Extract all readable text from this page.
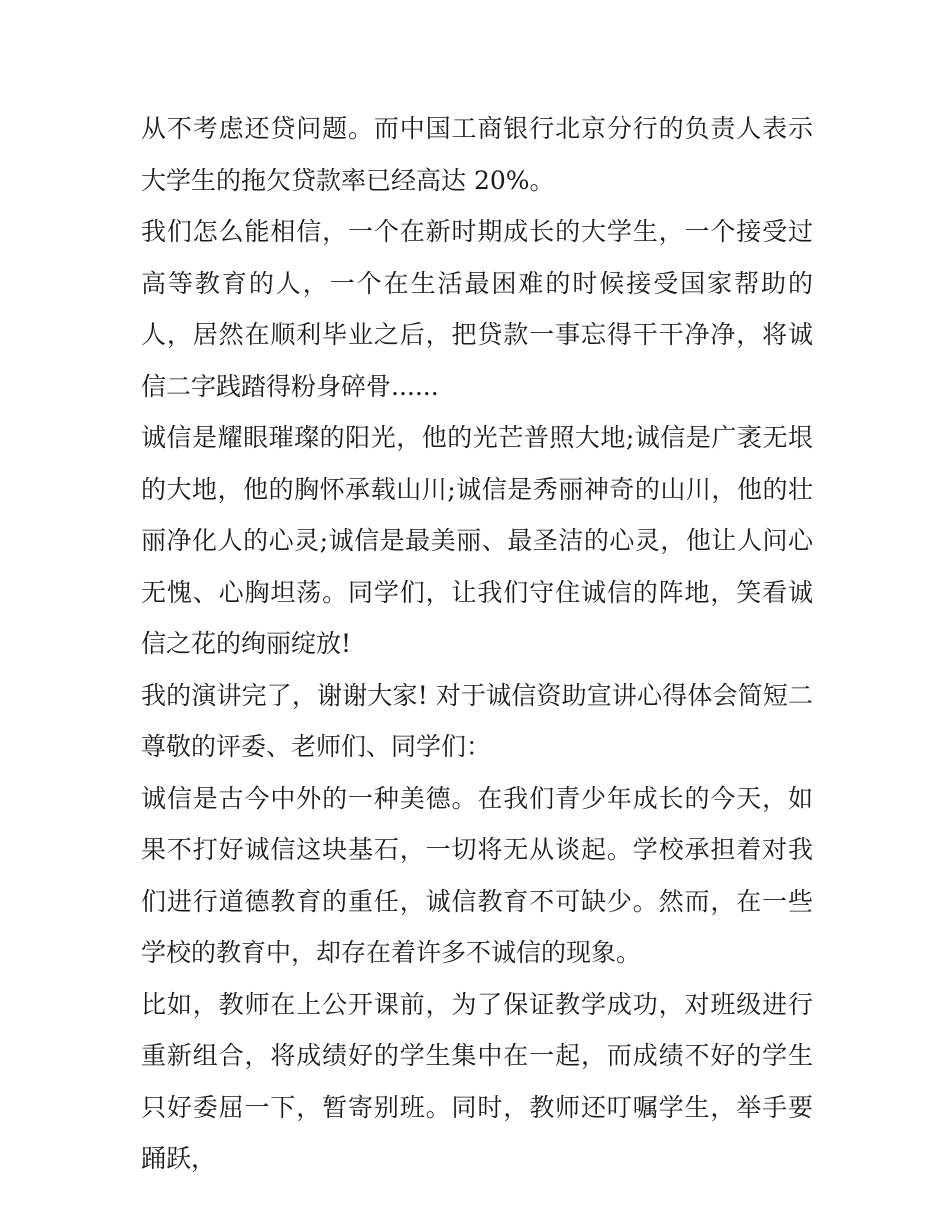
从不考虑还贷问题。而中国工商银行北京分行的负责人表示大学生的拖欠贷款率已经高达 20%。

我们怎么能相信，一个在新时期成长的大学生，一个接受过高等教育的人，一个在生活最困难的时候接受国家帮助的人，居然在顺利毕业之后，把贷款一事忘得干干净净，将诚信二字践踏得粉身碎骨......

诚信是耀眼璀璨的阳光，他的光芒普照大地;诚信是广袤无垠的大地，他的胸怀承载山川;诚信是秀丽神奇的山川，他的壮丽净化人的心灵;诚信是最美丽、最圣洁的心灵，他让人问心无愧、心胸坦荡。同学们，让我们守住诚信的阵地，笑看诚信之花的绚丽绽放!

我的演讲完了，谢谢大家! 对于诚信资助宣讲心得体会简短二尊敬的评委、老师们、同学们：

诚信是古今中外的一种美德。在我们青少年成长的今天，如果不打好诚信这块基石，一切将无从谈起。学校承担着对我们进行道德教育的重任，诚信教育不可缺少。然而，在一些学校的教育中，却存在着许多不诚信的现象。

比如，教师在上公开课前，为了保证教学成功，对班级进行重新组合，将成绩好的学生集中在一起，而成绩不好的学生只好委屈一下，暂寄别班。同时，教师还叮嘱学生，举手要踊跃，
